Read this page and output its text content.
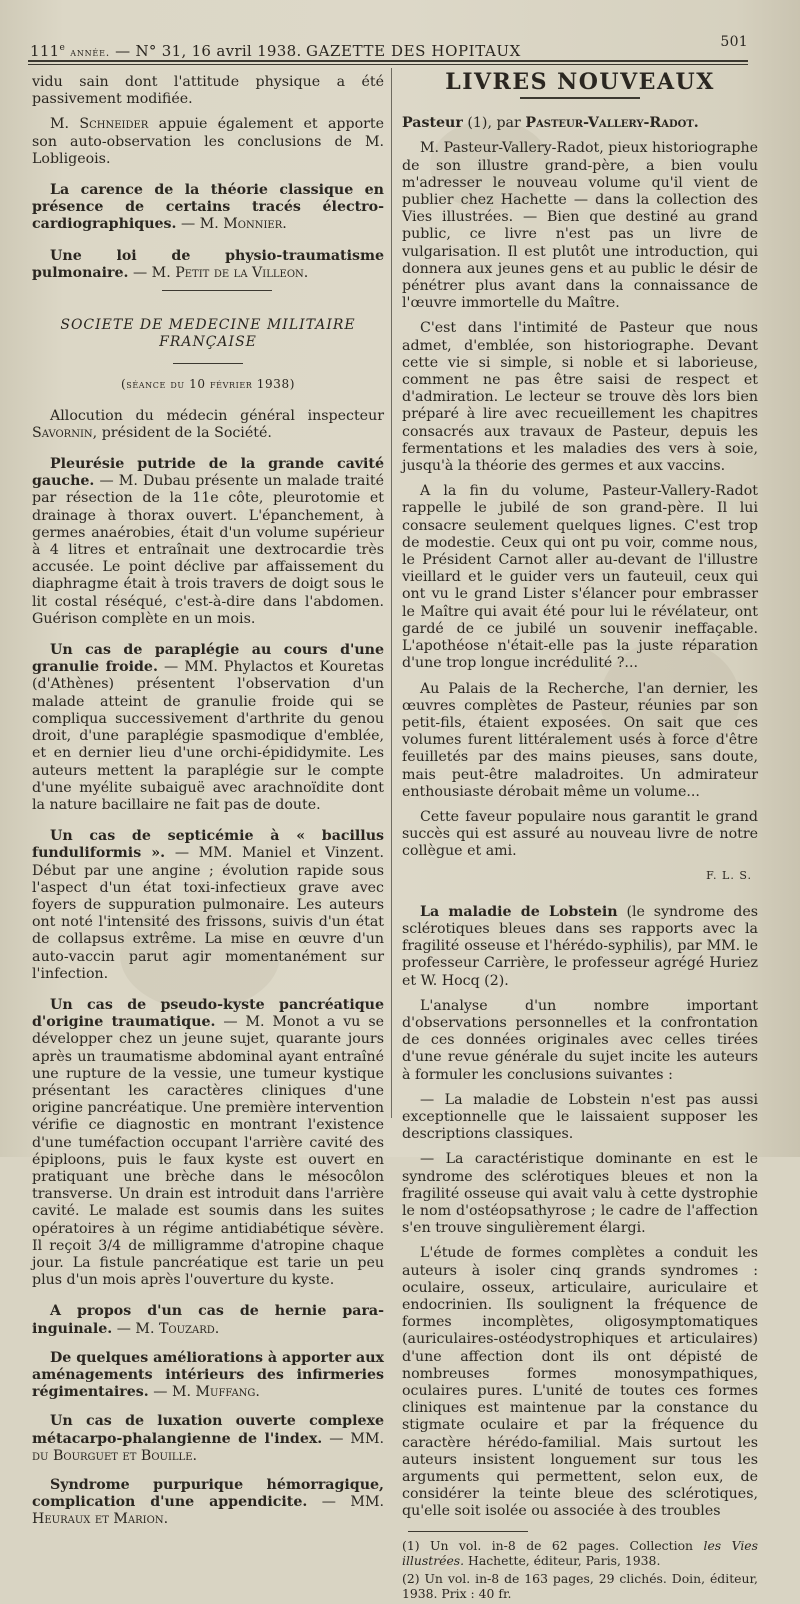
111e année. — N° 31, 16 avril 1938. GAZETTE DES HOPITAUX	501

vidu sain dont l'attitude physique a été passivement modifiée.

M. Schneider appuie également et apporte son auto-observation les conclusions de M. Lobligeois.

La carence de la théorie classique en présence de certains tracés électro-cardiographiques. — M. Monnier.

Une loi de physio-traumatisme pulmonaire. — M. Petit de la Villeon.

SOCIETE DE MEDECINE MILITAIRE FRANÇAISE
(séance du 10 février 1938)

Allocution du médecin général inspecteur Savornin, président de la Société.

Pleurésie putride de la grande cavité gauche. — M. Dubau présente un malade traité par résection de la 11e côte, pleurotomie et drainage à thorax ouvert. L'épanchement, à germes anaérobies, était d'un volume supérieur à 4 litres et entraînait une dextrocardie très accusée. Le point déclive par affaissement du diaphragme était à trois travers de doigt sous le lit costal réséqué, c'est-à-dire dans l'abdomen. Guérison complète en un mois.

Un cas de paraplégie au cours d'une granulie froide. — MM. Phylactos et Kouretas (d'Athènes) présentent l'observation d'un malade atteint de granulie froide qui se compliqua successivement d'arthrite du genou droit, d'une paraplégie spasmodique d'emblée, et en dernier lieu d'une orchi-épididymite. Les auteurs mettent la paraplégie sur le compte d'une myélite subaiguë avec arachnoïdite dont la nature bacillaire ne fait pas de doute.

Un cas de septicémie à « bacillus funduliformis ». — MM. Maniel et Vinzent. Début par une angine ; évolution rapide sous l'aspect d'un état toxi-infectieux grave avec foyers de suppuration pulmonaire. Les auteurs ont noté l'intensité des frissons, suivis d'un état de collapsus extrême. La mise en œuvre d'un auto-vaccin parut agir momentanément sur l'infection.

Un cas de pseudo-kyste pancréatique d'origine traumatique. — M. Monot a vu se développer chez un jeune sujet, quarante jours après un traumatisme abdominal ayant entraîné une rupture de la vessie, une tumeur kystique présentant les caractères cliniques d'une origine pancréatique. Une première intervention vérifie ce diagnostic en montrant l'existence d'une tuméfaction occupant l'arrière cavité des épiploons, puis le faux kyste est ouvert en pratiquant une brèche dans le mésocôlon transverse. Un drain est introduit dans l'arrière cavité. Le malade est soumis dans les suites opératoires à un régime antidiabétique sévère. Il reçoit 3/4 de milligramme d'atropine chaque jour. La fistule pancréatique est tarie un peu plus d'un mois après l'ouverture du kyste.

A propos d'un cas de hernie para-inguinale. — M. Touzard.

De quelques améliorations à apporter aux aménagements intérieurs des infirmeries régimentaires. — M. Muffang.

Un cas de luxation ouverte complexe métacarpo-phalangienne de l'index. — MM. du Bourguet et Bouille.

Syndrome purpurique hémorragique, complication d'une appendicite. — MM. Heuraux et Marion.

LIVRES NOUVEAUX

Pasteur (1), par Pasteur-Vallery-Radot.

M. Pasteur-Vallery-Radot, pieux historiographe de son illustre grand-père, a bien voulu m'adresser le nouveau volume qu'il vient de publier chez Hachette — dans la collection des Vies illustrées. — Bien que destiné au grand public, ce livre n'est pas un livre de vulgarisation. Il est plutôt une introduction, qui donnera aux jeunes gens et au public le désir de pénétrer plus avant dans la connaissance de l'œuvre immortelle du Maître.

C'est dans l'intimité de Pasteur que nous admet, d'emblée, son historiographe. Devant cette vie si simple, si noble et si laborieuse, comment ne pas être saisi de respect et d'admiration. Le lecteur se trouve dès lors bien préparé à lire avec recueillement les chapitres consacrés aux travaux de Pasteur, depuis les fermentations et les maladies des vers à soie, jusqu'à la théorie des germes et aux vaccins.

A la fin du volume, Pasteur-Vallery-Radot rappelle le jubilé de son grand-père. Il lui consacre seulement quelques lignes. C'est trop de modestie. Ceux qui ont pu voir, comme nous, le Président Carnot aller au-devant de l'illustre vieillard et le guider vers un fauteuil, ceux qui ont vu le grand Lister s'élancer pour embrasser le Maître qui avait été pour lui le révélateur, ont gardé de ce jubilé un souvenir ineffaçable. L'apothéose n'était-elle pas la juste réparation d'une trop longue incrédulité ?...

Au Palais de la Recherche, l'an dernier, les œuvres complètes de Pasteur, réunies par son petit-fils, étaient exposées. On sait que ces volumes furent littéralement usés à force d'être feuilletés par des mains pieuses, sans doute, mais peut-être maladroites. Un admirateur enthousiaste dérobait même un volume...

Cette faveur populaire nous garantit le grand succès qui est assuré au nouveau livre de notre collègue et ami.

F. L. S.

La maladie de Lobstein (le syndrome des sclérotiques bleues dans ses rapports avec la fragilité osseuse et l'hérédo-syphilis), par MM. le professeur Carrière, le professeur agrégé Huriez et W. Hocq (2).

L'analyse d'un nombre important d'observations personnelles et la confrontation de ces données originales avec celles tirées d'une revue générale du sujet incite les auteurs à formuler les conclusions suivantes :

— La maladie de Lobstein n'est pas aussi exceptionnelle que le laissaient supposer les descriptions classiques.

— La caractéristique dominante en est le syndrome des sclérotiques bleues et non la fragilité osseuse qui avait valu à cette dystrophie le nom d'ostéopsathyrose ; le cadre de l'affection s'en trouve singulièrement élargi.

L'étude de formes complètes a conduit les auteurs à isoler cinq grands syndromes : oculaire, osseux, articulaire, auriculaire et endocrinien. Ils soulignent la fréquence de formes incomplètes, oligosymptomatiques (auriculaires-ostéodystrophiques et articulaires) d'une affection dont ils ont dépisté de nombreuses formes monosympathiques, oculaires pures. L'unité de toutes ces formes cliniques est maintenue par la constance du stigmate oculaire et par la fréquence du caractère hérédo-familial. Mais surtout les auteurs insistent longuement sur tous les arguments qui permettent, selon eux, de considérer la teinte bleue des sclérotiques, qu'elle soit isolée ou associée à des troubles

(1) Un vol. in-8 de 62 pages. Collection les Vies illustrées. Hachette, éditeur, Paris, 1938.

(2) Un vol. in-8 de 163 pages, 29 clichés. Doin, éditeur, 1938. Prix : 40 fr.
